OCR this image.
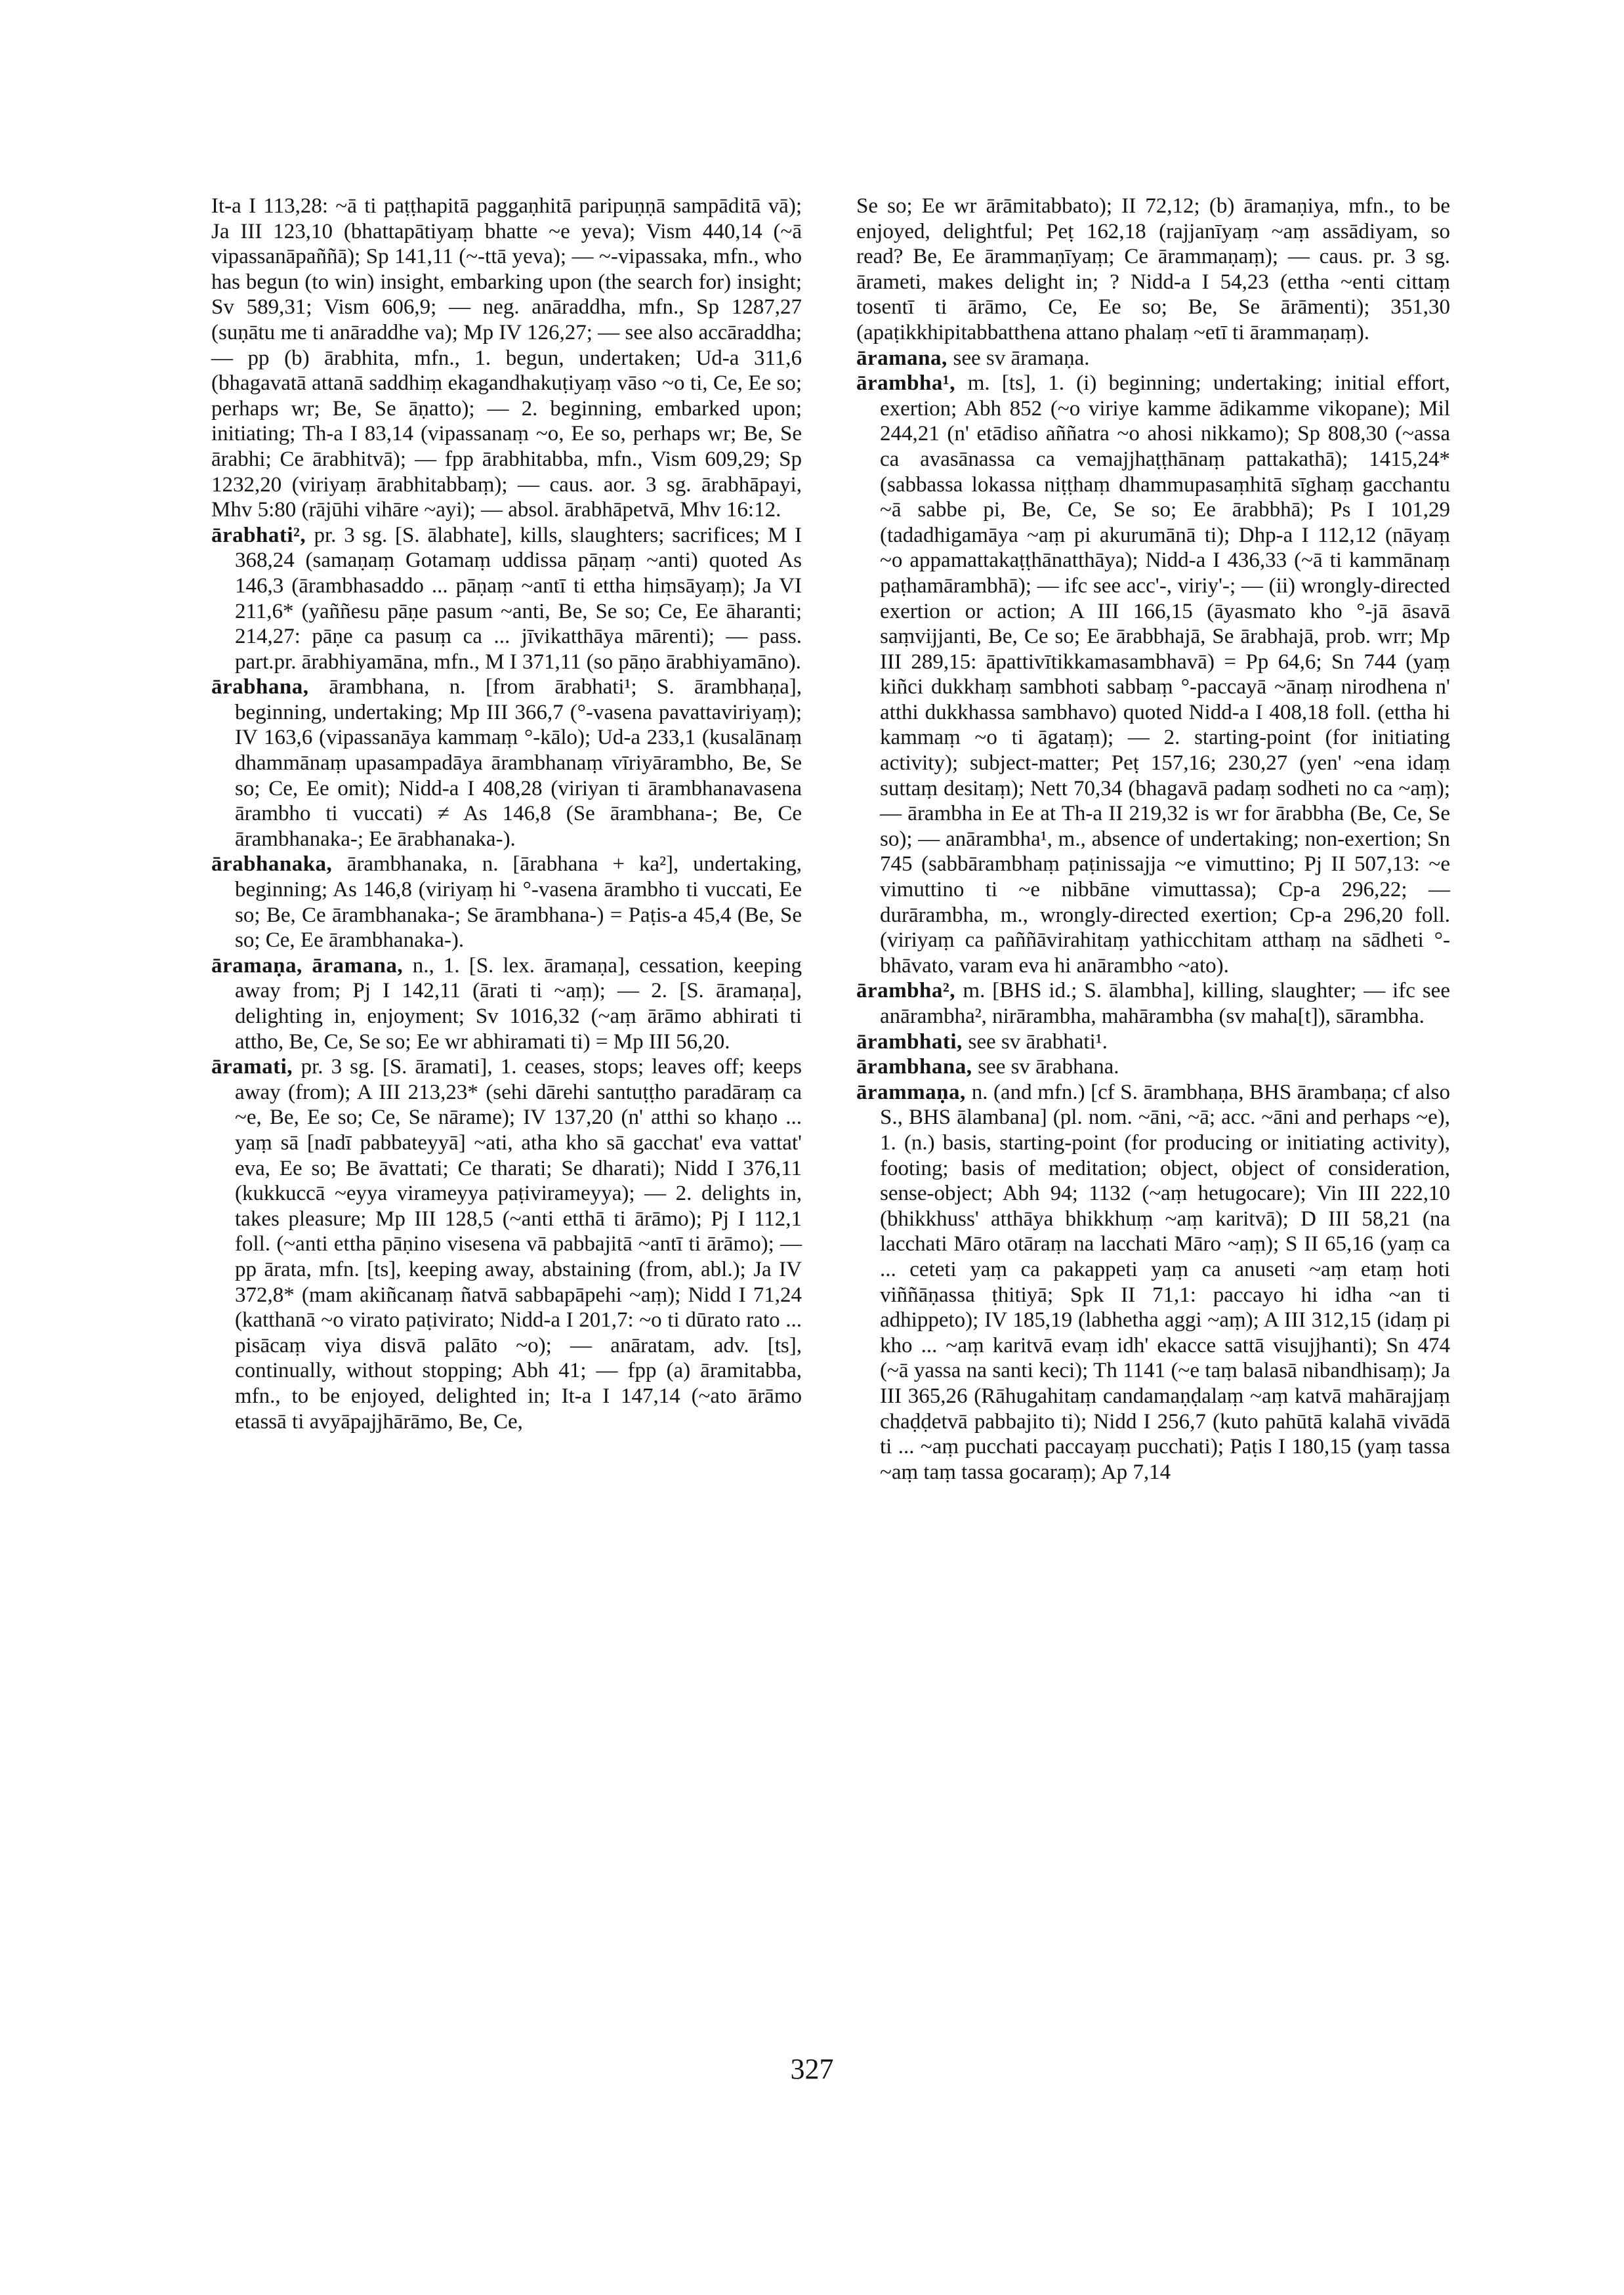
It-a I 113,28: ~ā ti paṭṭhapitā paggaṇhitā paripuṇṇā sampāditā vā); Ja III 123,10 (bhattapātiyaṃ bhatte ~e yeva); Vism 440,14 (~ā vipassanāpaññā); Sp 141,11 (~-ttā yeva); — ~-vipassaka, mfn., who has begun (to win) insight, embarking upon (the search for) insight; Sv 589,31; Vism 606,9; — neg. anāraddha, mfn., Sp 1287,27 (suṇātu me ti anāraddhe va); Mp IV 126,27; — see also accāraddha; — pp (b) ārabhita, mfn., 1. begun, undertaken; Ud-a 311,6 (bhagavatā attanā saddhiṃ ekagandhakuṭiyaṃ vāso ~o ti, Ce, Ee so; perhaps wr; Be, Se āṇatto); — 2. beginning, embarked upon; initiating; Th-a I 83,14 (vipassanaṃ ~o, Ee so, perhaps wr; Be, Se ārabhi; Ce ārabhitvā); — fpp ārabhitabba, mfn., Vism 609,29; Sp 1232,20 (viriyaṃ ārabhitabbaṃ); — caus. aor. 3 sg. ārabhāpayi, Mhv 5:80 (rājūhi vihāre ~ayi); — absol. ārabhāpetvā, Mhv 16:12.

ārabhati², pr. 3 sg. [S. ālabhate], kills, slaughters; sacrifices; M I 368,24 (samaṇaṃ Gotamaṃ uddissa pāṇaṃ ~anti) quoted As 146,3 (ārambhasaddo ... pāṇaṃ ~antī ti ettha hiṃsāyaṃ); Ja VI 211,6* (yaññesu pāṇe pasum ~anti, Be, Se so; Ce, Ee āharanti; 214,27: pāṇe ca pasuṃ ca ... jīvikatthāya mārenti); — pass. part.pr. ārabhiyamāna, mfn., M I 371,11 (so pāṇo ārabhiyamāno).

ārabhana, ārambhana, n. [from ārabhati¹; S. ārambhaṇa], beginning, undertaking; Mp III 366,7 (°-vasena pavattaviriyaṃ); IV 163,6 (vipassanāya kammaṃ °-kālo); Ud-a 233,1 (kusalānaṃ dhammānaṃ upasampadāya ārambhanaṃ vīriyārambho, Be, Se so; Ce, Ee omit); Nidd-a I 408,28 (viriyan ti ārambhanavasena ārambho ti vuccati) ≠ As 146,8 (Se ārambhana-; Be, Ce ārambhanaka-; Ee ārabhanaka-).

ārabhanaka, ārambhanaka, n. [ārabhana + ka²], undertaking, beginning; As 146,8 (viriyaṃ hi °-vasena ārambho ti vuccati, Ee so; Be, Ce ārambhanaka-; Se ārambhana-) = Paṭis-a 45,4 (Be, Se so; Ce, Ee ārambhanaka-).

āramaṇa, āramana, n., 1. [S. lex. āramaṇa], cessation, keeping away from; Pj I 142,11 (ārati ti ~aṃ); — 2. [S. āramaṇa], delighting in, enjoyment; Sv 1016,32 (~aṃ ārāmo abhirati ti attho, Be, Ce, Se so; Ee wr abhiramati ti) = Mp III 56,20.

āramati, pr. 3 sg. [S. āramati], 1. ceases, stops; leaves off; keeps away (from); A III 213,23* (sehi dārehi santuṭṭho paradāraṃ ca ~e, Be, Ee so; Ce, Se nārame); IV 137,20 (n' atthi so khaṇo ... yaṃ sā [nadī pabbateyyā] ~ati, atha kho sā gacchat' eva vattat' eva, Ee so; Be āvattati; Ce tharati; Se dharati); Nidd I 376,11 (kukkuccā ~eyya virameyya paṭivirameyya); — 2. delights in, takes pleasure; Mp III 128,5 (~anti etthā ti ārāmo); Pj I 112,1 foll. (~anti ettha pāṇino visesena vā pabbajitā ~antī ti ārāmo); — pp ārata, mfn. [ts], keeping away, abstaining (from, abl.); Ja IV 372,8* (mam akiñcanaṃ ñatvā sabbapāpehi ~aṃ); Nidd I 71,24 (katthanā ~o virato paṭivirato; Nidd-a I 201,7: ~o ti dūrato rato ... pisācaṃ viya disvā palāto ~o); — anāratam, adv. [ts], continually, without stopping; Abh 41; — fpp (a) āramitabba, mfn., to be enjoyed, delighted in; It-a I 147,14 (~ato ārāmo etassā ti avyāpajjhārāmo, Be, Ce,

Se so; Ee wr ārāmitabbato); II 72,12; (b) āramaṇiya, mfn., to be enjoyed, delightful; Peṭ 162,18 (rajjanīyaṃ ~aṃ assādiyam, so read? Be, Ee ārammaṇīyaṃ; Ce ārammaṇaṃ); — caus. pr. 3 sg. ārameti, makes delight in; ? Nidd-a I 54,23 (ettha ~enti cittaṃ tosentī ti ārāmo, Ce, Ee so; Be, Se ārāmenti); 351,30 (apaṭikkhipitabbatthena attano phalaṃ ~etī ti ārammaṇaṃ).

āramana, see sv āramaṇa.

ārambha¹, m. [ts], 1. (i) beginning; undertaking; initial effort, exertion; Abh 852 (~o viriye kamme ādikamme vikopane); Mil 244,21 (n' etādiso aññatra ~o ahosi nikkamo); Sp 808,30 (~assa ca avasānassa ca vemajjhaṭṭhānaṃ pattakathā); 1415,24* (sabbassa lokassa niṭṭhaṃ dhammupasaṃhitā sīghaṃ gacchantu ~ā sabbe pi, Be, Ce, Se so; Ee ārabbhā); Ps I 101,29 (tadadhigamāya ~aṃ pi akurumānā ti); Dhp-a I 112,12 (nāyaṃ ~o appamattakaṭṭhānatthāya); Nidd-a I 436,33 (~ā ti kammānaṃ paṭhamārambhā); — ifc see acc'-, viriy'-; — (ii) wrongly-directed exertion or action; A III 166,15 (āyasmato kho °-jā āsavā saṃvijjanti, Be, Ce so; Ee ārabbhajā, Se ārabhajā, prob. wrr; Mp III 289,15: āpattivītikkamasambhavā) = Pp 64,6; Sn 744 (yaṃ kiñci dukkhaṃ sambhoti sabbaṃ °-paccayā ~ānaṃ nirodhena n' atthi dukkhassa sambhavo) quoted Nidd-a I 408,18 foll. (ettha hi kammaṃ ~o ti āgataṃ); — 2. starting-point (for initiating activity); subject-matter; Peṭ 157,16; 230,27 (yen' ~ena idaṃ suttaṃ desitaṃ); Nett 70,34 (bhagavā padaṃ sodheti no ca ~aṃ); — ārambha in Ee at Th-a II 219,32 is wr for ārabbha (Be, Ce, Se so); — anārambha¹, m., absence of undertaking; non-exertion; Sn 745 (sabbārambhaṃ paṭinissajja ~e vimuttino; Pj II 507,13: ~e vimuttino ti ~e nibbāne vimuttassa); Cp-a 296,22; — durārambha, m., wrongly-directed exertion; Cp-a 296,20 foll. (viriyaṃ ca paññāvirahitaṃ yathicchitam atthaṃ na sādheti °-bhāvato, varam eva hi anārambho ~ato).

ārambha², m. [BHS id.; S. ālambha], killing, slaughter; — ifc see anārambha², nirārambha, mahārambha (sv maha[t]), sārambha.

ārambhati, see sv ārabhati¹.

ārambhana, see sv ārabhana.

ārammaṇa, n. (and mfn.) [cf S. ārambhaṇa, BHS ārambaṇa; cf also S., BHS ālambana] (pl. nom. ~āni, ~ā; acc. ~āni and perhaps ~e), 1. (n.) basis, starting-point (for producing or initiating activity), footing; basis of meditation; object, object of consideration, sense-object; Abh 94; 1132 (~aṃ hetugocare); Vin III 222,10 (bhikkhuss' atthāya bhikkhuṃ ~aṃ karitvā); D III 58,21 (na lacchati Māro otāraṃ na lacchati Māro ~aṃ); S II 65,16 (yaṃ ca ... ceteti yaṃ ca pakappeti yaṃ ca anuseti ~aṃ etaṃ hoti viññāṇassa ṭhitiyā; Spk II 71,1: paccayo hi idha ~an ti adhippeto); IV 185,19 (labhetha aggi ~aṃ); A III 312,15 (idaṃ pi kho ... ~aṃ karitvā evaṃ idh' ekacce sattā visujjhanti); Sn 474 (~ā yassa na santi keci); Th 1141 (~e taṃ balasā nibandhisaṃ); Ja III 365,26 (Rāhugahitaṃ candamaṇḍalaṃ ~aṃ katvā mahārajjaṃ chaḍḍetvā pabbajito ti); Nidd I 256,7 (kuto pahūtā kalahā vivādā ti ... ~aṃ pucchati paccayaṃ pucchati); Paṭis I 180,15 (yaṃ tassa ~aṃ taṃ tassa gocaraṃ); Ap 7,14

327
